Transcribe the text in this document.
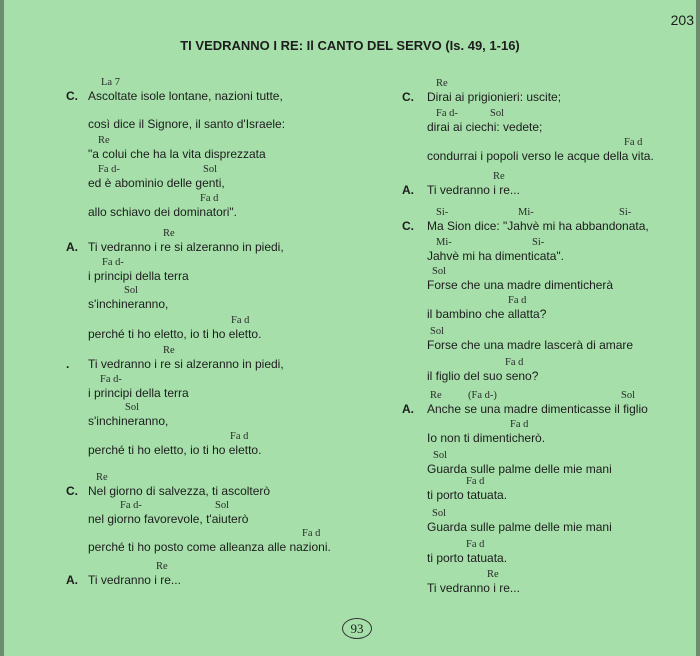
203
TI VEDRANNO I RE: Il CANTO DEL SERVO (Is. 49, 1-16)
La 7
C. Ascoltate isole lontane, nazioni tutte,
così dice il Signore, il santo d'Israele:
Re
"a colui che ha la vita disprezzata
Fa d-	Sol
ed è abominio delle genti,
Fa d
allo schiavo dei dominatori".
Re
A. Ti vedranno i re si alzeranno in piedi,
Fa d-
i principi della terra
Sol
s'inchineranno,
Fa d
perché ti ho eletto, io ti ho eletto.
Re
. Ti vedranno i re si alzeranno in piedi,
Fa d-
i principi della terra
Sol
s'inchineranno,
Fa d
perché ti ho eletto, io ti ho eletto.
Re
C. Nel giorno di salvezza, ti ascolterò
Fa d-	Sol
nel giorno favorevole, t'aiuterò
Fa d
perché ti ho posto come alleanza alle nazioni.
Re
A. Ti vedranno i re...
Re
C. Dirai ai prigionieri: uscite;
Fa d-	Sol
dirai ai ciechi: vedete;
Fa d
condurrai i popoli verso le acque della vita.
Re
A. Ti vedranno i re...
Si-	Mi-	Si-
C. Ma Sion dice: "Jahvè mi ha abbandonata,
Mi-	Si-
Jahvè mi ha dimenticata".
Sol
Forse che una madre dimenticherà
Fa d
il bambino che allatta?
Sol
Forse che una madre lascerà di amare
Fa d
il figlio del suo seno?
Re	(Fa d-)	Sol
A. Anche se una madre dimenticasse il figlio
Fa d
Io non ti dimenticherò.
Sol
Guarda sulle palme delle mie mani
Fa d
ti porto tatuata.
Sol
Guarda sulle palme delle mie mani
Fa d
ti porto tatuata.
Re
Ti vedranno i re...
93
